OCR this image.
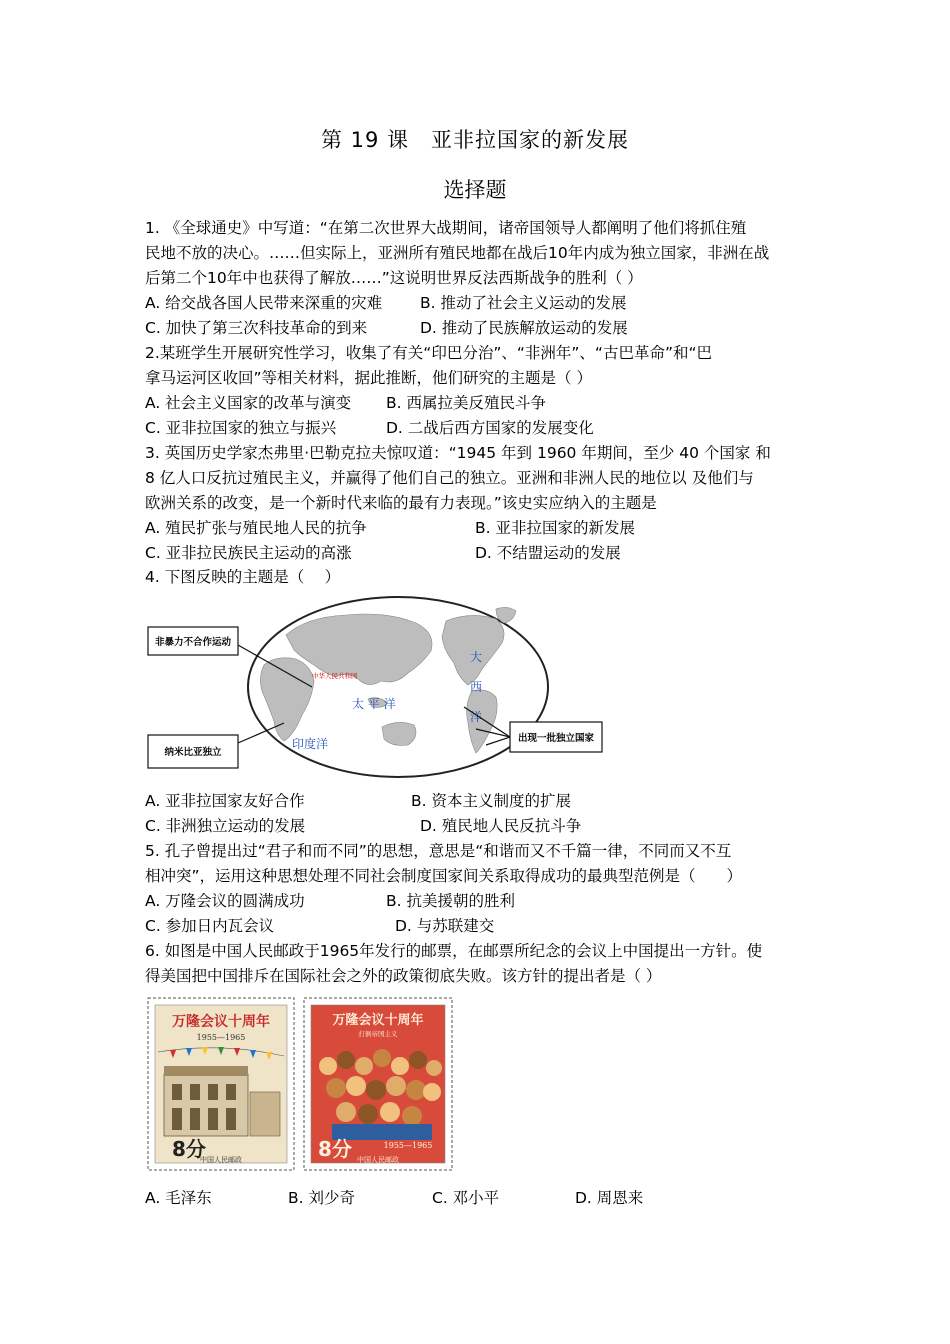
第 19 课　亚非拉国家的新发展
选择题
1. 《全球通史》中写道：“在第二次世界大战期间，诸帝国领导人都阐明了他们将抓住殖
民地不放的决心。……但实际上，亚洲所有殖民地都在战后10年内成为独立国家，非洲在战
后第二个10年中也获得了解放……”这说明世界反法西斯战争的胜利（ ）
A. 给交战各国人民带来深重的灾难 B. 推动了社会主义运动的发展
C. 加快了第三次科技革命的到来	D. 推动了民族解放运动的发展
2.某班学生开展研究性学习，收集了有关“印巴分治”、“非洲年”、“古巴革命”和“巴
拿马运河区收回”等相关材料，据此推断，他们研究的主题是（ ）
A. 社会主义国家的改革与演变 B. 西属拉美反殖民斗争
C. 亚非拉国家的独立与振兴	D. 二战后西方国家的发展变化
3. 英国历史学家杰弗里·巴勒克拉夫惊叹道：“1945 年到 1960 年期间，至少 40 个国家 和
8 亿人口反抗过殖民主义，并赢得了他们自己的独立。亚洲和非洲人民的地位以 及他们与
欧洲关系的改变，是一个新时代来临的最有力表现。”该史实应纳入的主题是
A. 殖民扩张与殖民地人民的抗争	B. 亚非拉国家的新发展
C. 亚非拉民族民主运动的高涨	D. 不结盟运动的发展
4. 下图反映的主题是（　 ）
中华人民共和国
太 平 洋
印度洋
大
西
洋
非暴力不合作运动
纳米比亚独立
出现一批独立国家
A. 亚非拉国家友好合作	B. 资本主义制度的扩展
C. 非洲独立运动的发展	D. 殖民地人民反抗斗争
5. 孔子曾提出过“君子和而不同”的思想，意思是“和谐而又不千篇一律，不同而又不互
相冲突”，运用这种思想处理不同社会制度国家间关系取得成功的最典型范例是（　　）
A. 万隆会议的圆满成功	B. 抗美援朝的胜利
C. 参加日内瓦会议	D. 与苏联建交
6. 如图是中国人民邮政于1965年发行的邮票，在邮票所纪念的会议上中国提出一方针。使
得美国把中国排斥在国际社会之外的政策彻底失败。该方针的提出者是（ ）
万隆会议十周年
1955—1965
8分
中国人民邮政
万隆会议十周年
打倒帝国主义
1955—1965
8分 中国人民邮政
A. 毛泽东	B. 刘少奇	C. 邓小平	D. 周恩来
